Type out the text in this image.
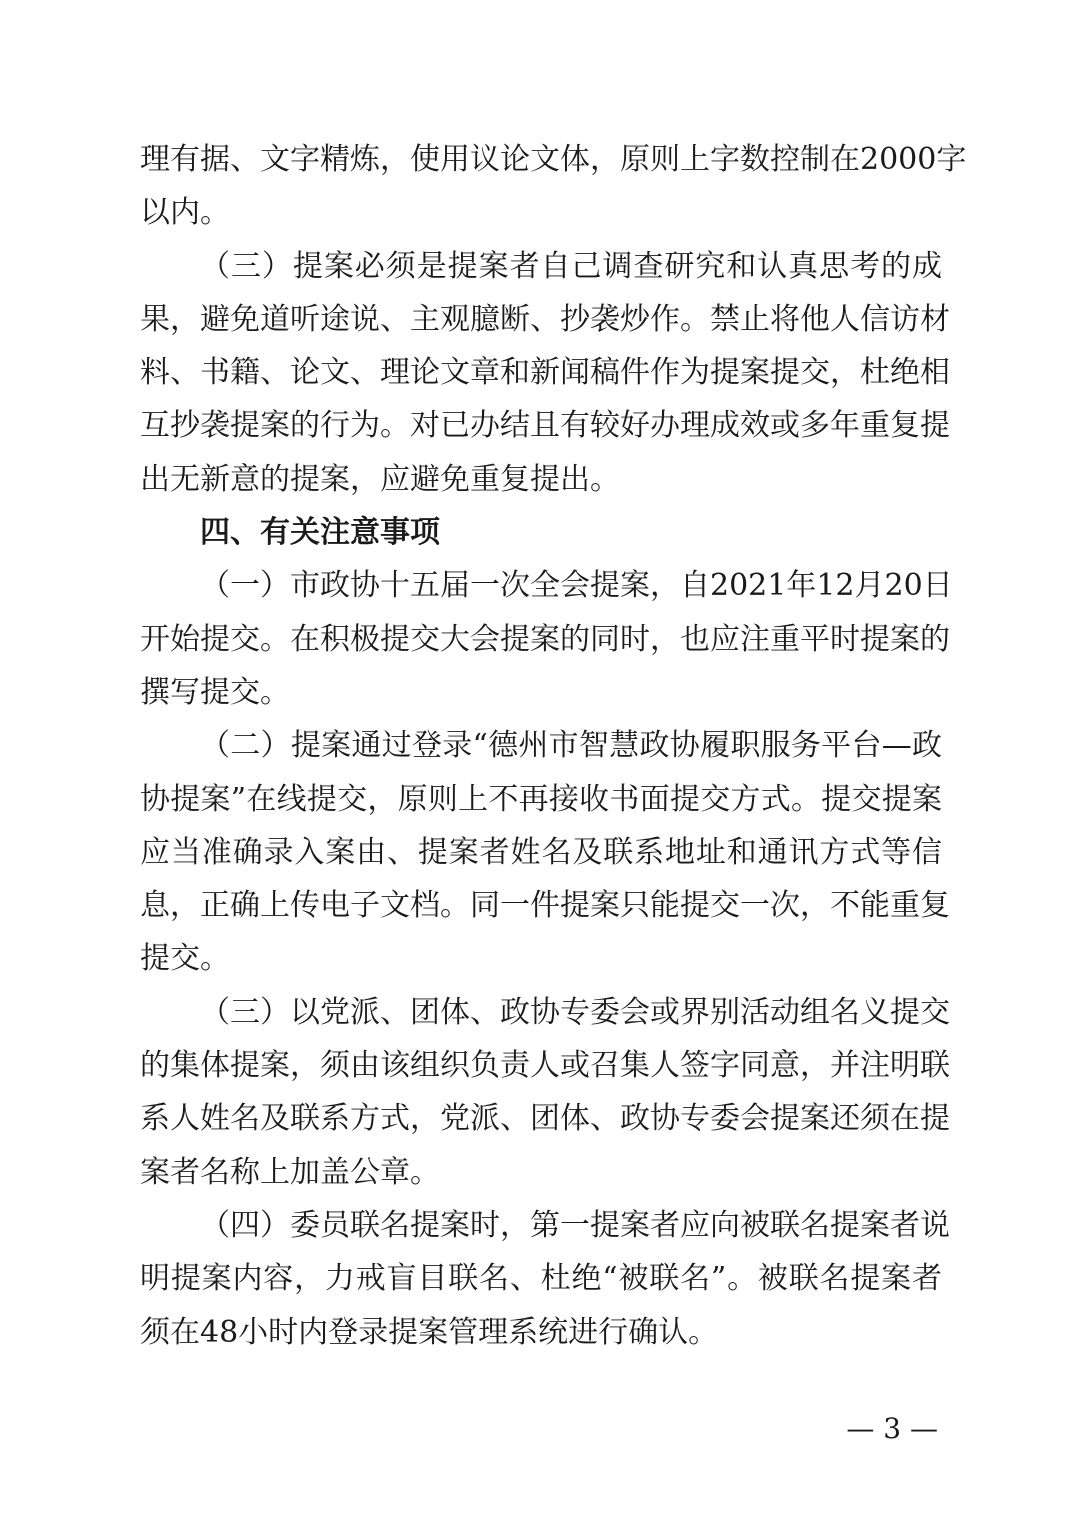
理有据、文字精炼，使用议论文体，原则上字数控制在2000字
以内。
（三）提案必须是提案者自己调查研究和认真思考的成
果，避免道听途说、主观臆断、抄袭炒作。禁止将他人信访材
料、书籍、论文、理论文章和新闻稿件作为提案提交，杜绝相
互抄袭提案的行为。对已办结且有较好办理成效或多年重复提
出无新意的提案，应避免重复提出。
四、有关注意事项
（一）市政协十五届一次全会提案，自2021年12月20日
开始提交。在积极提交大会提案的同时，也应注重平时提案的
撰写提交。
（二）提案通过登录“德州市智慧政协履职服务平台—政
协提案”在线提交，原则上不再接收书面提交方式。提交提案
应当准确录入案由、提案者姓名及联系地址和通讯方式等信
息，正确上传电子文档。同一件提案只能提交一次，不能重复
提交。
（三）以党派、团体、政协专委会或界别活动组名义提交
的集体提案，须由该组织负责人或召集人签字同意，并注明联
系人姓名及联系方式，党派、团体、政协专委会提案还须在提
案者名称上加盖公章。
（四）委员联名提案时，第一提案者应向被联名提案者说
明提案内容，力戒盲目联名、杜绝“被联名”。被联名提案者
须在48小时内登录提案管理系统进行确认。
— 3 —
